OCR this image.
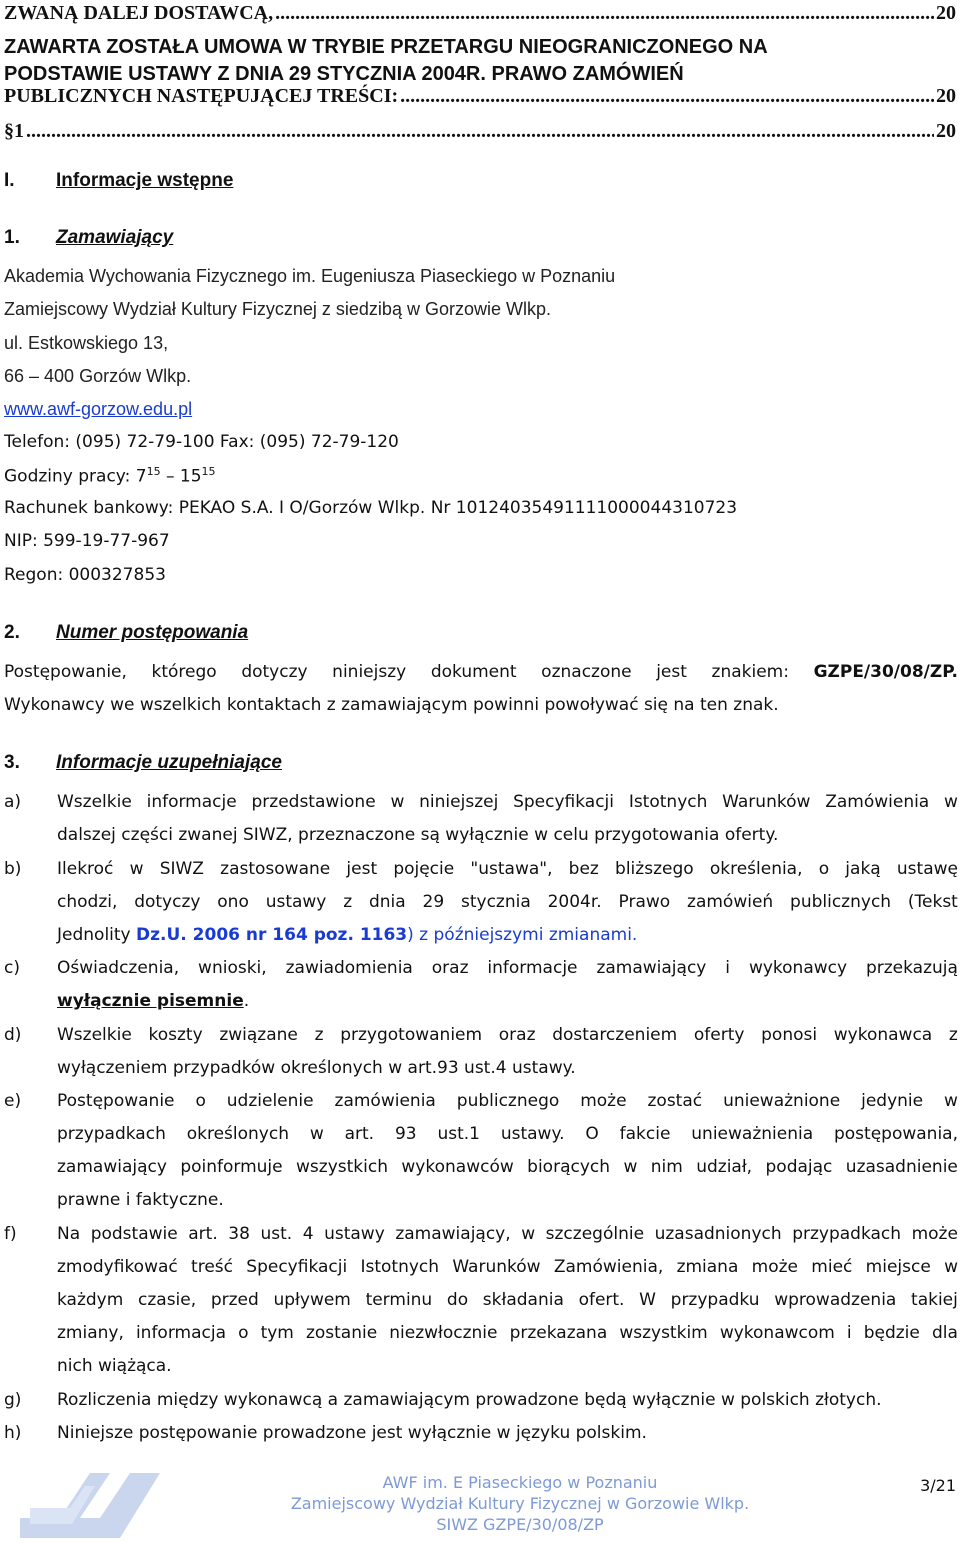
ZWANĄ DALEJ DOSTAWCĄ, .....	20
ZAWARTA ZOSTAŁA UMOWA W TRYBIE PRZETARGU NIEOGRANICZONEGO NA
PODSTAWIE USTAWY Z DNIA 29 STYCZNIA 2004R. PRAWO ZAMÓWIEŃ
PUBLICZNYCH NASTĘPUJĄCEJ TREŚCI: .....	20
§1 .....	20
I. Informacje wstępne
1. Zamawiający
Akademia Wychowania Fizycznego im. Eugeniusza Piaseckiego w Poznaniu
Zamiejscowy Wydział Kultury Fizycznej z siedzibą w Gorzowie Wlkp.
ul. Estkowskiego 13,
66 – 400 Gorzów Wlkp.
www.awf-gorzow.edu.pl
Telefon: (095) 72-79-100 Fax: (095) 72-79-120
Godziny pracy: $7^{15} - 15^{15}$
Rachunek bankowy: PEKAO S.A. I O/Gorzów Wlkp. Nr 10124035491111000044310723
NIP: 599-19-77-967
Regon: 000327853
2. Numer postępowania
Postępowanie, którego dotyczy niniejszy dokument oznaczone jest znakiem: GZPE/30/08/ZP.
Wykonawcy we wszelkich kontaktach z zamawiającym powinni powoływać się na ten znak.
3. Informacje uzupełniające
a) Wszelkie informacje przedstawione w niniejszej Specyfikacji Istotnych Warunków Zamówienia w
dalszej części zwanej SIWZ, przeznaczone są wyłącznie w celu przygotowania oferty.
b) Ilekroć w SIWZ zastosowane jest pojęcie "ustawa", bez bliższego określenia, o jaką ustawę
chodzi, dotyczy ono ustawy z dnia 29 stycznia 2004r. Prawo zamówień publicznych (Tekst
Jednolity Dz.U. 2006 nr 164 poz. 1163) z późniejszymi zmianami.
c) Oświadczenia, wnioski, zawiadomienia oraz informacje zamawiający i wykonawcy przekazują
wyłącznie pisemnie.
d) Wszelkie koszty związane z przygotowaniem oraz dostarczeniem oferty ponosi wykonawca z
wyłączeniem przypadków określonych w art.93 ust.4 ustawy.
e) Postępowanie o udzielenie zamówienia publicznego może zostać unieważnione jedynie w
przypadkach określonych w art. 93 ust.1 ustawy. O fakcie unieważnienia postępowania,
zamawiający poinformuje wszystkich wykonawców biorących w nim udział, podając uzasadnienie
prawne i faktyczne.
f) Na podstawie art. 38 ust. 4 ustawy zamawiający, w szczególnie uzasadnionych przypadkach może
zmodyfikować treść Specyfikacji Istotnych Warunków Zamówienia, zmiana może mieć miejsce w
każdym czasie, przed upływem terminu do składania ofert. W przypadku wprowadzenia takiej
zmiany, informacja o tym zostanie niezwłocznie przekazana wszystkim wykonawcom i będzie dla
nich wiążąca.
g) Rozliczenia między wykonawcą a zamawiającym prowadzone będą wyłącznie w polskich złotych.
h) Niniejsze postępowanie prowadzone jest wyłącznie w języku polskim.
AWF im. E Piaseckiego w Poznaniu
Zamiejscowy Wydział Kultury Fizycznej w Gorzowie Wlkp.
SIWZ GZPE/30/08/ZP
3/21
